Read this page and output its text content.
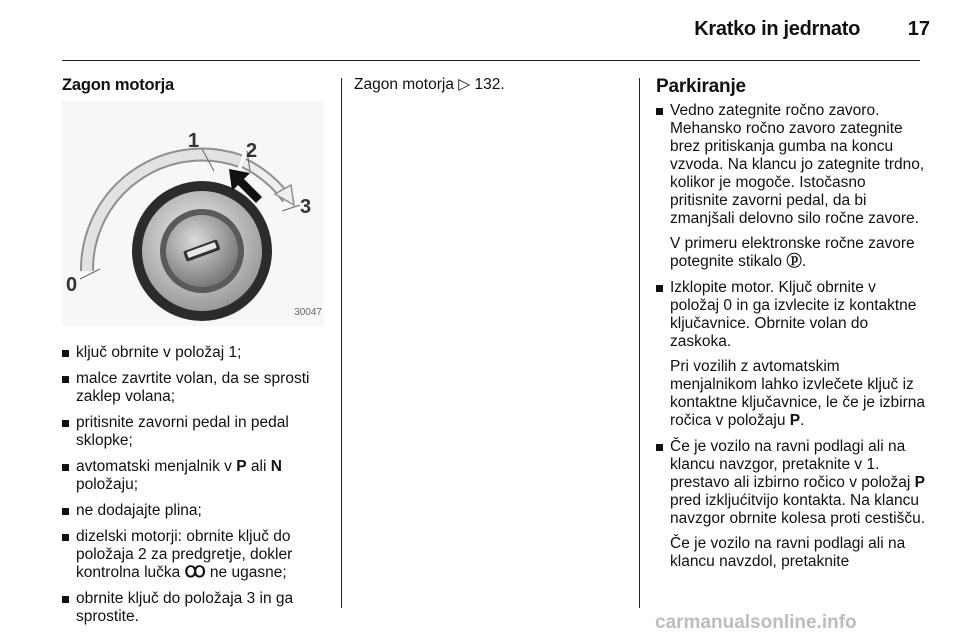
Kratko in jedrnato	17
Zagon motorja
0
1 2
3
30047
ključ obrnite v položaj 1;
malce zavrtite volan, da se sprosti zaklep volana;
pritisnite zavorni pedal in pedal sklopke;
avtomatski menjalnik v P ali N položaju;
ne dodajajte plina;
dizelski motorji: obrnite ključ do položaja 2 za predgretje, dokler kontrolna lučka Ꝏ ne ugasne;
obrnite ključ do položaja 3 in ga sprostite.

Zagon motorja ▷ 132.	Parkiranje

Vedno zategnite ročno zavoro. Mehansko ročno zavoro zategnite brez pritiskanja gumba na koncu vzvoda. Na klancu jo zategnite trdno, kolikor je mogoče. Istočasno pritisnite zavorni pedal, da bi zmanjšali delovno silo ročne zavore.

V primeru elektronske ročne zavore potegnite stikalo ⓟ.

Izklopite motor. Ključ obrnite v položaj 0 in ga izvlecite iz kontaktne ključavnice. Obrnite volan do zaskoka.

Pri vozilih z avtomatskim menjalnikom lahko izvlečete ključ iz kontaktne ključavnice, le če je izbirna ročica v položaju P.

Če je vozilo na ravni podlagi ali na klancu navzgor, pretaknite v 1. prestavo ali izbirno ročico v položaj P pred izkljućitvijo kontakta. Na klancu navzgor obrnite kolesa proti cestišču.

Če je vozilo na ravni podlagi ali na klancu navzdol, pretaknite

carmanualsonline.info
